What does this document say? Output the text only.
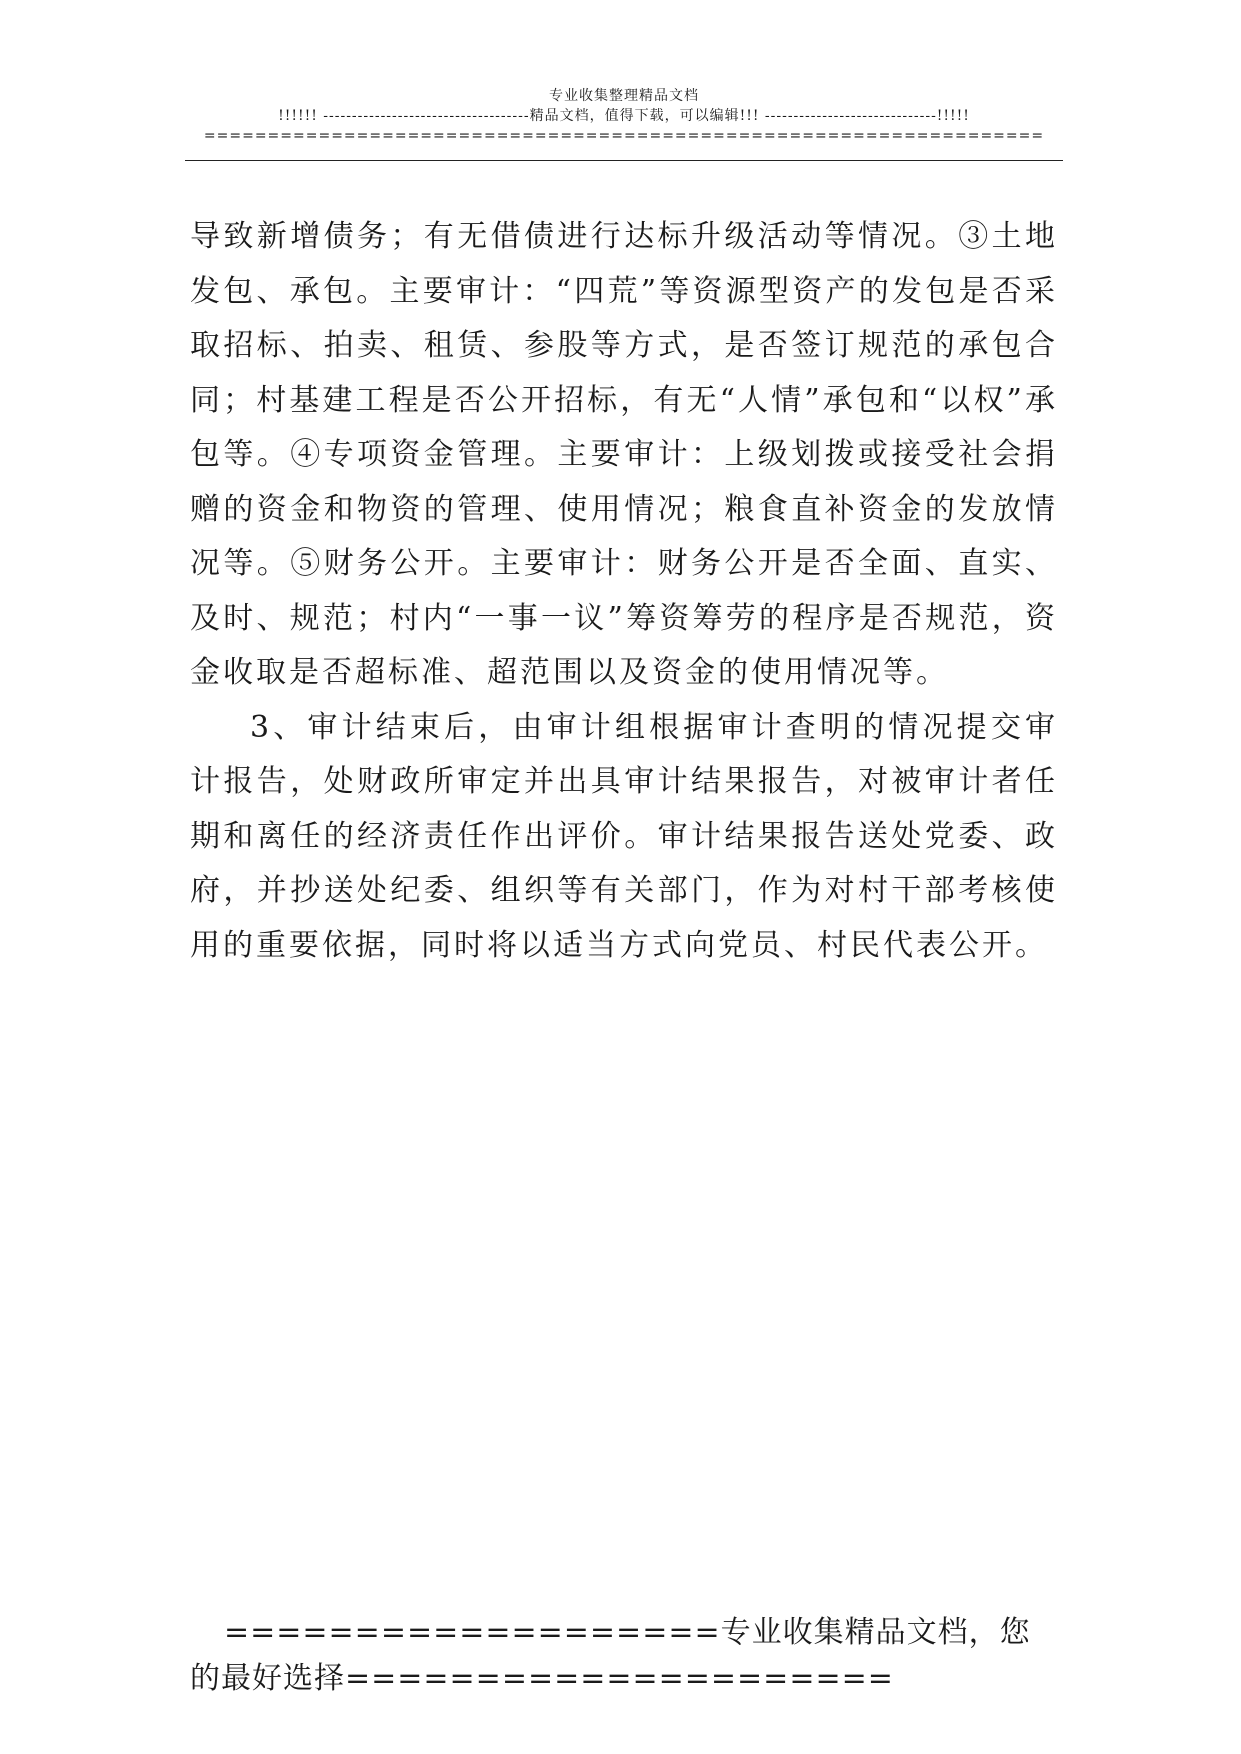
专业收集整理精品文档
!!!!!! ------------------------------------精品文档，值得下载，可以编辑!!! ------------------------------!!!!!
==================================================================

导致新增债务；有无借债进行达标升级活动等情况。③土地发包、承包。主要审计：“四荒”等资源型资产的发包是否采取招标、拍卖、租赁、参股等方式，是否签订规范的承包合同；村基建工程是否公开招标，有无“人情”承包和“以权”承包等。④专项资金管理。主要审计：上级划拨或接受社会捐赠的资金和物资的管理、使用情况；粮食直补资金的发放情况等。⑤财务公开。主要审计：财务公开是否全面、直实、及时、规范；村内“一事一议”筹资筹劳的程序是否规范，资金收取是否超标准、超范围以及资金的使用情况等。

3、审计结束后，由审计组根据审计查明的情况提交审计报告，处财政所审定并出具审计结果报告，对被审计者任期和离任的经济责任作出评价。审计结果报告送处党委、政府，并抄送处纪委、组织等有关部门，作为对村干部考核使用的重要依据，同时将以适当方式向党员、村民代表公开。

===================专业收集精品文档，您的最好选择=====================
